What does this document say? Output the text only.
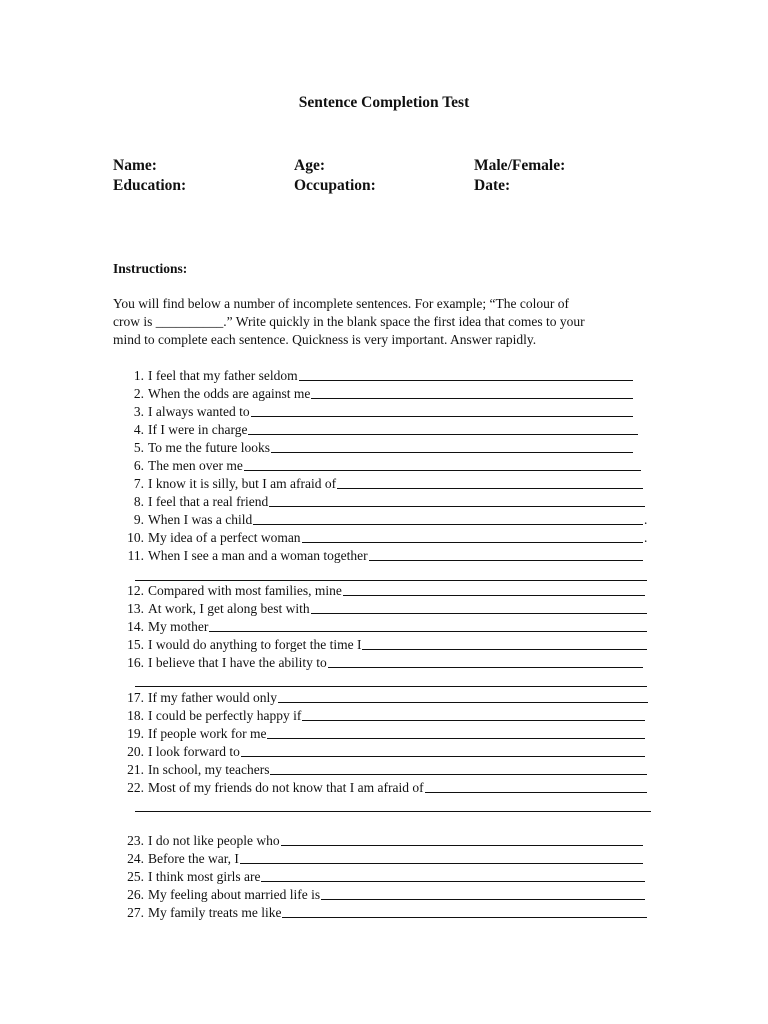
Sentence Completion Test
Name:	Age:	Male/Female:
Education:	Occupation:	Date:
Instructions:
You will find below a number of incomplete sentences. For example; “The colour of
crow is __________.” Write quickly in the blank space the first idea that comes to your
mind to complete each sentence. Quickness is very important. Answer rapidly.
1. I feel that my father seldom
2. When the odds are against me
3. I always wanted to
4. If I were in charge
5. To me the future looks
6. The men over me
7. I know it is silly, but I am afraid of
8. I feel that a real friend
9. When I was a child	.
10. My idea of a perfect woman	.
11. When I see a man and a woman together
12. Compared with most families, mine
13. At work, I get along best with
14. My mother
15. I would do anything to forget the time I
16. I believe that I have the ability to
17. If my father would only
18. I could be perfectly happy if
19. If people work for me
20. I look forward to
21. In school, my teachers
22. Most of my friends do not know that I am afraid of
23. I do not like people who
24. Before the war, I
25. I think most girls are
26. My feeling about married life is
27. My family treats me like
